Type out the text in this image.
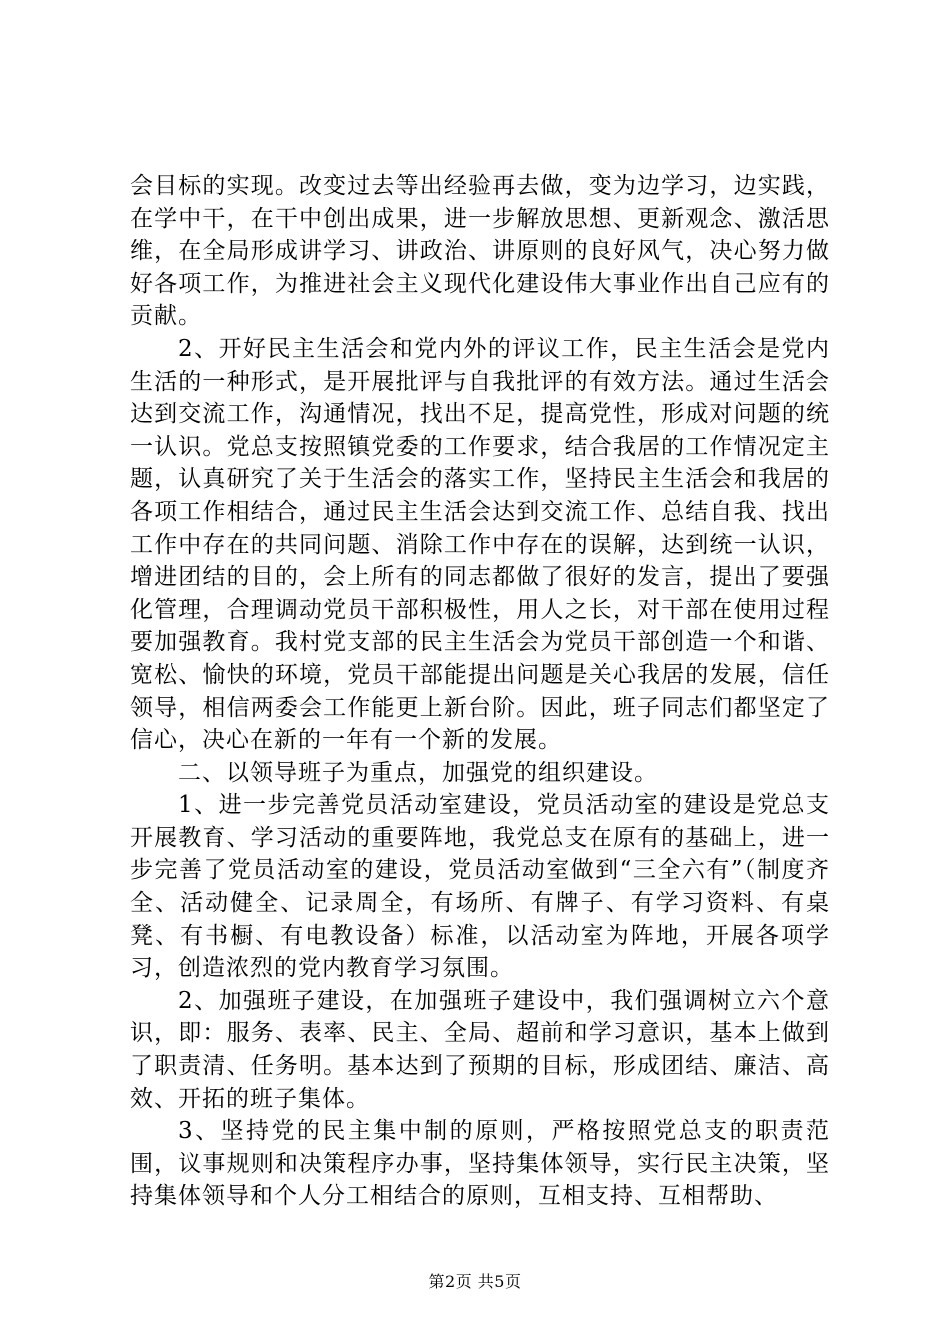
会目标的实现。改变过去等出经验再去做，变为边学习，边实践，在学中干，在干中创出成果，进一步解放思想、更新观念、激活思维，在全局形成讲学习、讲政治、讲原则的良好风气，决心努力做好各项工作，为推进社会主义现代化建设伟大事业作出自己应有的贡献。

2、开好民主生活会和党内外的评议工作，民主生活会是党内生活的一种形式，是开展批评与自我批评的有效方法。通过生活会达到交流工作，沟通情况，找出不足，提高党性，形成对问题的统一认识。党总支按照镇党委的工作要求，结合我居的工作情况定主题，认真研究了关于生活会的落实工作，坚持民主生活会和我居的各项工作相结合，通过民主生活会达到交流工作、总结自我、找出工作中存在的共同问题、消除工作中存在的误解，达到统一认识，增进团结的目的，会上所有的同志都做了很好的发言，提出了要强化管理，合理调动党员干部积极性，用人之长，对干部在使用过程要加强教育。我村党支部的民主生活会为党员干部创造一个和谐、宽松、愉快的环境，党员干部能提出问题是关心我居的发展，信任领导，相信两委会工作能更上新台阶。因此，班子同志们都坚定了信心，决心在新的一年有一个新的发展。

二、以领导班子为重点，加强党的组织建设。

1、进一步完善党员活动室建设，党员活动室的建设是党总支开展教育、学习活动的重要阵地，我党总支在原有的基础上，进一步完善了党员活动室的建设，党员活动室做到“三全六有”（制度齐全、活动健全、记录周全，有场所、有牌子、有学习资料、有桌凳、有书橱、有电教设备）标准，以活动室为阵地，开展各项学习，创造浓烈的党内教育学习氛围。

2、加强班子建设，在加强班子建设中，我们强调树立六个意识，即：服务、表率、民主、全局、超前和学习意识，基本上做到了职责清、任务明。基本达到了预期的目标，形成团结、廉洁、高效、开拓的班子集体。

3、坚持党的民主集中制的原则，严格按照党总支的职责范围，议事规则和决策程序办事，坚持集体领导，实行民主决策，坚持集体领导和个人分工相结合的原则，互相支持、互相帮助、

第2页 共5页
